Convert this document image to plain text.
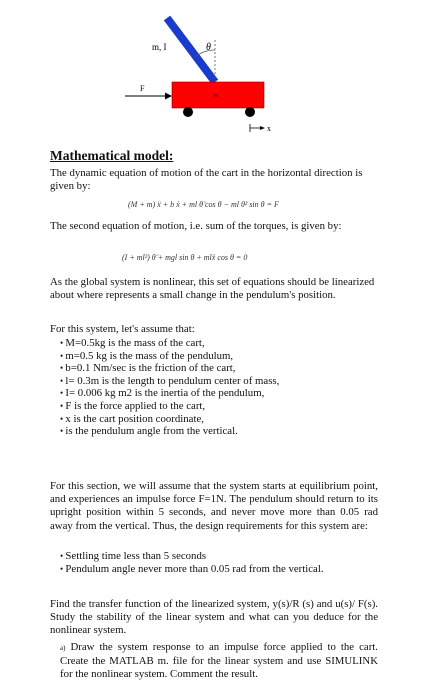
m, I	θ
F
M
x
Mathematical model:

The dynamic equation of motion of the cart in the horizontal direction is given by:

(M + m) ẍ + b ẋ + ml θ̈ cos θ − ml θ̇² sin θ = F

The second equation of motion, i.e. sum of the torques, is given by:

(I + ml²) θ̈ + mgl sin θ + mlẍ cos θ = 0

As the global system is nonlinear, this set of equations should be linearized about where represents a small change in the pendulum's position.

For this system, let's assume that:

• M=0.5kg is the mass of the cart,
• m=0.5 kg is the mass of the pendulum,
• b=0.1 Nm/sec is the friction of the cart,
• l= 0.3m is the length to pendulum center of mass,
• I= 0.006 kg m2 is the inertia of the pendulum,
• F is the force applied to the cart,
• x is the cart position coordinate,
• is the pendulum angle from the vertical.

For this section, we will assume that the system starts at equilibrium point, and experiences an impulse force F=1N. The pendulum should return to its upright position within 5 seconds, and never move more than 0.05 rad away from the vertical. Thus, the design requirements for this system are:

• Settling time less than 5 seconds
• Pendulum angle never more than 0.05 rad from the vertical.

Find the transfer function of the linearized system, y(s)/R (s) and u(s)/ F(s). Study the stability of the linear system and what can you deduce for the nonlinear system.

a) Draw the system response to an impulse force applied to the cart. Create the MATLAB m. file for the linear system and use SIMULINK for the nonlinear system. Comment the result.
